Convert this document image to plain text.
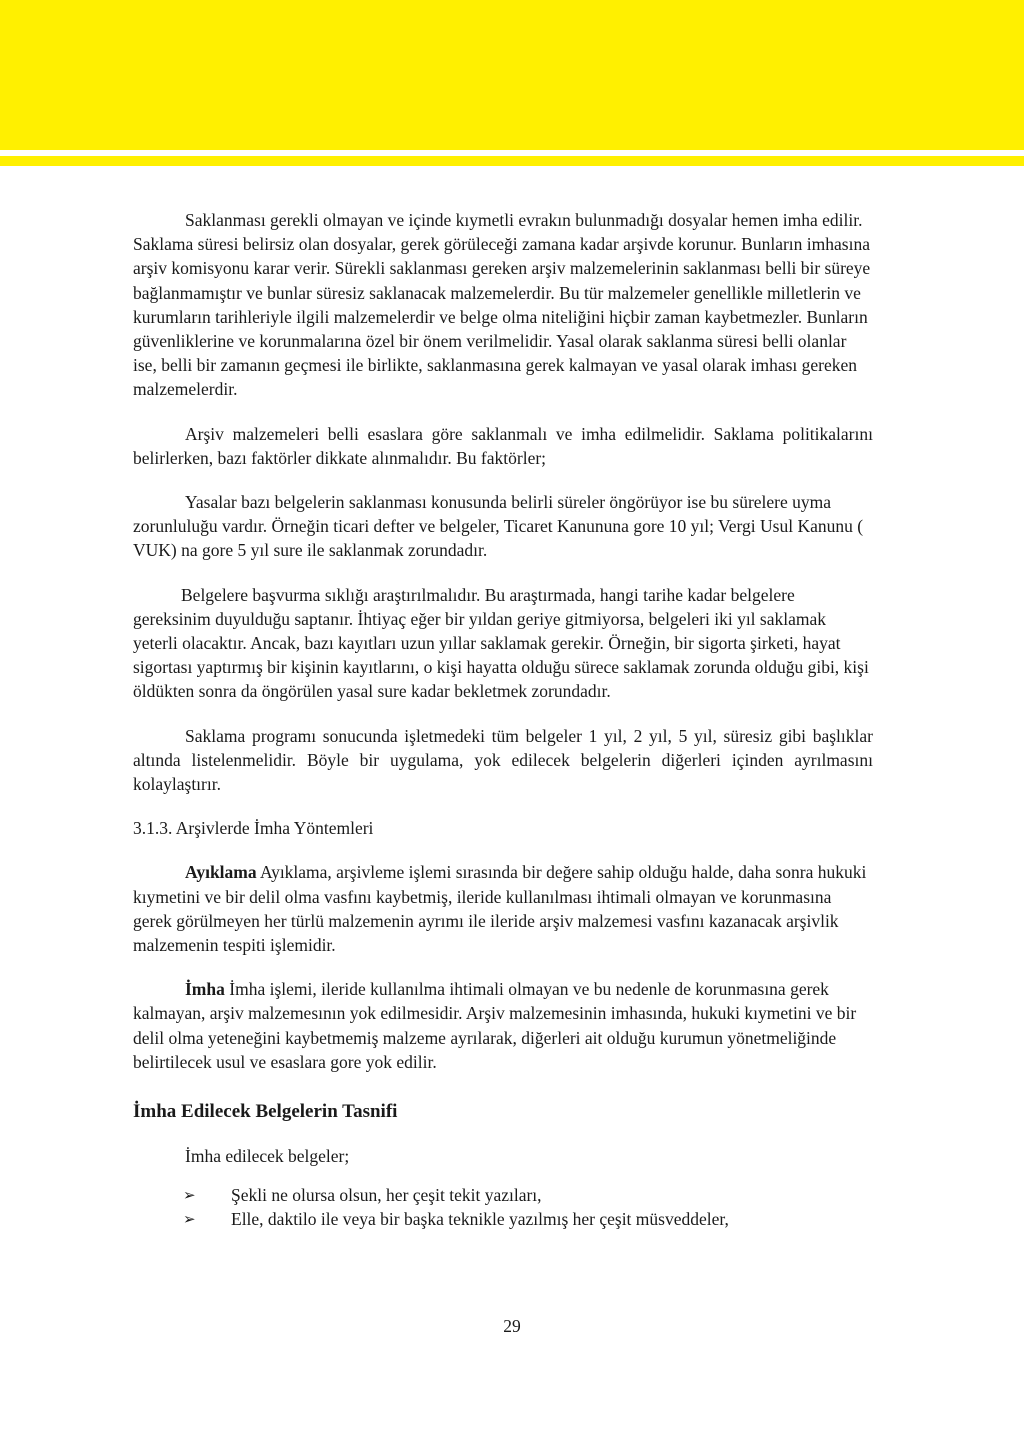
Saklanması gerekli olmayan ve içinde kıymetli evrakın bulunmadığı dosyalar hemen imha edilir. Saklama süresi belirsiz olan dosyalar, gerek görüleceği zamana kadar arşivde korunur. Bunların imhasına arşiv komisyonu karar verir. Sürekli saklanması gereken arşiv malzemelerinin saklanması belli bir süreye bağlanmamıştır ve bunlar süresiz saklanacak malzemelerdir. Bu tür malzemeler genellikle milletlerin ve kurumların tarihleriyle ilgili malzemelerdir ve belge olma niteliğini hiçbir zaman kaybetmezler. Bunların güvenliklerine ve korunmalarına özel bir önem verilmelidir. Yasal olarak saklanma süresi belli olanlar ise, belli bir zamanın geçmesi ile birlikte, saklanmasına gerek kalmayan ve yasal olarak imhası gereken malzemelerdir.

Arşiv malzemeleri belli esaslara göre saklanmalı ve imha edilmelidir. Saklama politikalarını belirlerken, bazı faktörler dikkate alınmalıdır. Bu faktörler;

Yasalar bazı belgelerin saklanması konusunda belirli süreler öngörüyor ise bu sürelere uyma zorunluluğu vardır. Örneğin ticari defter ve belgeler, Ticaret Kanununa gore 10 yıl; Vergi Usul Kanunu ( VUK) na gore 5 yıl sure ile saklanmak zorundadır.

Belgelere başvurma sıklığı araştırılmalıdır. Bu araştırmada, hangi tarihe kadar belgelere gereksinim duyulduğu saptanır. İhtiyaç eğer bir yıldan geriye gitmiyorsa, belgeleri iki yıl saklamak yeterli olacaktır. Ancak, bazı kayıtları uzun yıllar saklamak gerekir. Örneğin, bir sigorta şirketi, hayat sigortası yaptırmış bir kişinin kayıtlarını, o kişi hayatta olduğu sürece saklamak zorunda olduğu gibi, kişi öldükten sonra da öngörülen yasal sure kadar bekletmek zorundadır.

Saklama programı sonucunda işletmedeki tüm belgeler 1 yıl, 2 yıl, 5 yıl, süresiz gibi başlıklar altında listelenmelidir. Böyle bir uygulama, yok edilecek belgelerin diğerleri içinden ayrılmasını kolaylaştırır.

3.1.3. Arşivlerde İmha Yöntemleri

Ayıklama Ayıklama, arşivleme işlemi sırasında bir değere sahip olduğu halde, daha sonra hukuki kıymetini ve bir delil olma vasfını kaybetmiş, ileride kullanılması ihtimali olmayan ve korunmasına gerek görülmeyen her türlü malzemenin ayrımı ile ileride arşiv malzemesi vasfını kazanacak arşivlik malzemenin tespiti işlemidir.

İmha İmha işlemi, ileride kullanılma ihtimali olmayan ve bu nedenle de korunmasına gerek kalmayan, arşiv malzemesının yok edilmesidir. Arşiv malzemesinin imhasında, hukuki kıymetini ve bir delil olma yeteneğini kaybetmemiş malzeme ayrılarak, diğerleri ait olduğu kurumun yönetmeliğinde belirtilecek usul ve esaslara gore yok edilir.

İmha Edilecek Belgelerin Tasnifi

İmha edilecek belgeler;

➢ Şekli ne olursa olsun, her çeşit tekit yazıları,
➢ Elle, daktilo ile veya bir başka teknikle yazılmış her çeşit müsveddeler,
29
